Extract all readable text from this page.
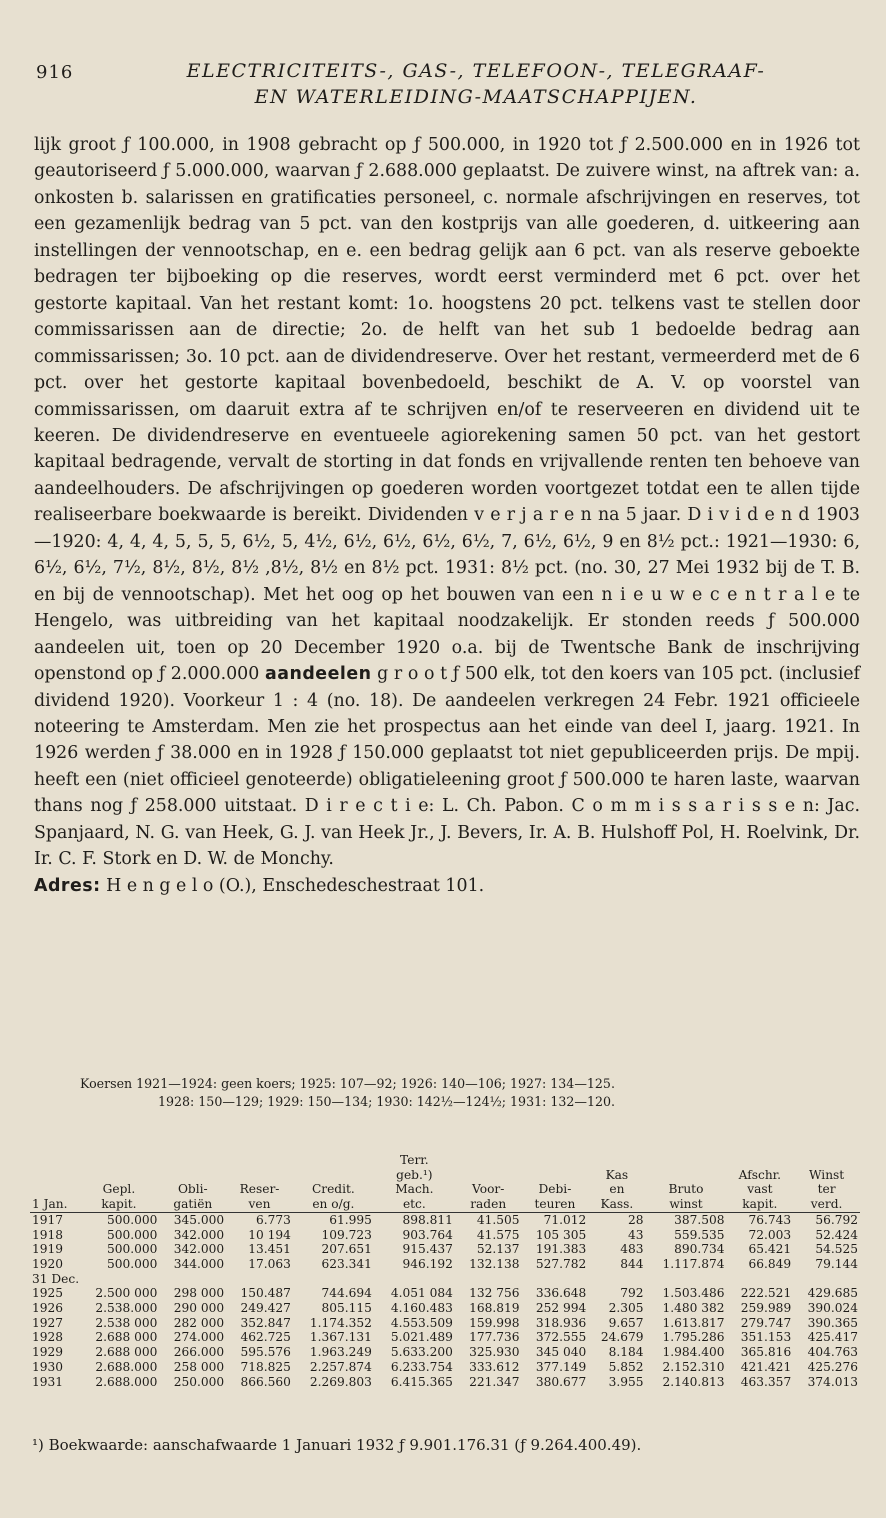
916	ELECTRICITEITS-, GAS-, TELEFOON-, TELEGRAAF-
EN WATERLEIDING-MAATSCHAPPIJEN.

lijk groot ƒ 100.000, in 1908 gebracht op ƒ 500.000, in 1920 tot ƒ 2.500.000 en in 1926 tot geautoriseerd ƒ 5.000.000, waarvan ƒ 2.688.000 geplaatst. De zuivere winst, na aftrek van: a. onkosten b. salarissen en gratificaties personeel, c. normale afschrijvingen en reserves, tot een gezamenlijk bedrag van 5 pct. van den kostprijs van alle goederen, d. uitkeering aan instellingen der vennootschap, en e. een bedrag gelijk aan 6 pct. van als reserve geboekte bedragen ter bijboeking op die reserves, wordt eerst verminderd met 6 pct. over het gestorte kapitaal. Van het restant komt: 1o. hoogstens 20 pct. telkens vast te stellen door commissarissen aan de directie; 2o. de helft van het sub 1 bedoelde bedrag aan commissarissen; 3o. 10 pct. aan de dividendreserve. Over het restant, vermeerderd met de 6 pct. over het gestorte kapitaal bovenbedoeld, beschikt de A. V. op voorstel van commissarissen, om daaruit extra af te schrijven en/of te reserveeren en dividend uit te keeren. De dividendreserve en eventueele agiorekening samen 50 pct. van het gestort kapitaal bedragende, vervalt de storting in dat fonds en vrijvallende renten ten behoeve van aandeelhouders. De afschrijvingen op goederen worden voortgezet totdat een te allen tijde realiseerbare boekwaarde is bereikt. Dividenden v e r j a r e n na 5 jaar. D i v i d e n d 1903—1920: 4, 4, 4, 5, 5, 5, 6½, 5, 4½, 6½, 6½, 6½, 6½, 7, 6½, 6½, 9 en 8½ pct.: 1921—1930: 6, 6½, 6½, 7½, 8½, 8½, 8½ ,8½, 8½ en 8½ pct. 1931: 8½ pct. (no. 30, 27 Mei 1932 bij de T. B. en bij de vennootschap). Met het oog op het bouwen van een n i e u w e c e n t r a l e te Hengelo, was uitbreiding van het kapitaal noodzakelijk. Er stonden reeds ƒ 500.000 aandeelen uit, toen op 20 December 1920 o.a. bij de Twentsche Bank de inschrijving openstond op ƒ 2.000.000 aandeelen g r o o t ƒ 500 elk, tot den koers van 105 pct. (inclusief dividend 1920). Voorkeur 1 : 4 (no. 18). De aandeelen verkregen 24 Febr. 1921 officieele noteering te Amsterdam. Men zie het prospectus aan het einde van deel I, jaarg. 1921. In 1926 werden ƒ 38.000 en in 1928 ƒ 150.000 geplaatst tot niet gepubliceerden prijs. De mpij. heeft een (niet officieel genoteerde) obligatieleening groot ƒ 500.000 te haren laste, waarvan thans nog ƒ 258.000 uitstaat. D i r e c t i e: L. Ch. Pabon. C o m m i s s a r i s s e n: Jac. Spanjaard, N. G. van Heek, G. J. van Heek Jr., J. Bevers, Ir. A. B. Hulshoff Pol, H. Roelvink, Dr. Ir. C. F. Stork en D. W. de Monchy.

Adres: H e n g e l o (O.), Enschedeschestraat 101.

Koersen 1921—1924: geen koers; 1925: 107—92; 1926: 140—106; 1927: 134—125.
1928: 150—129; 1929: 150—134; 1930: 142½—124½; 1931: 132—120.
					Terr.						
					geb.¹)			Kas		Afschr.	Winst
	Gepl.	Obli-	Reser-	Credit.	Mach.	Voor-	Debi-	en	Bruto	vast	ter
1 Jan.	kapit.	gatiën	ven	en o/g.	etc.	raden	teuren	Kass.	winst	kapit.	verd.
1917	500.000	345.000	6.773	61.995	898.811	41.505	71.012	28	387.508	76.743	56.792
1918	500.000	342.000	10 194	109.723	903.764	41.575	105 305	43	559.535	72.003	52.424
1919	500.000	342.000	13.451	207.651	915.437	52.137	191.383	483	890.734	65.421	54.525
1920	500.000	344.000	17.063	623.341	946.192	132.138	527.782	844	1.117.874	66.849	79.144
31 Dec.											
1925	2.500 000	298 000	150.487	744.694	4.051 084	132 756	336.648	792	1.503.486	222.521	429.685
1926	2.538.000	290 000	249.427	805.115	4.160.483	168.819	252 994	2.305	1.480 382	259.989	390.024
1927	2.538 000	282 000	352.847	1.174.352	4.553.509	159.998	318.936	9.657	1.613.817	279.747	390.365
1928	2.688 000	274.000	462.725	1.367.131	5.021.489	177.736	372.555	24.679	1.795.286	351.153	425.417
1929	2.688 000	266.000	595.576	1.963.249	5.633.200	325.930	345 040	8.184	1.984.400	365.816	404.763
1930	2.688.000	258 000	718.825	2.257.874	6.233.754	333.612	377.149	5.852	2.152.310	421.421	425.276
1931	2.688.000	250.000	866.560	2.269.803	6.415.365	221.347	380.677	3.955	2.140.813	463.357	374.013
¹) Boekwaarde: aanschafwaarde 1 Januari 1932 ƒ 9.901.176.31 (ƒ 9.264.400.49).
